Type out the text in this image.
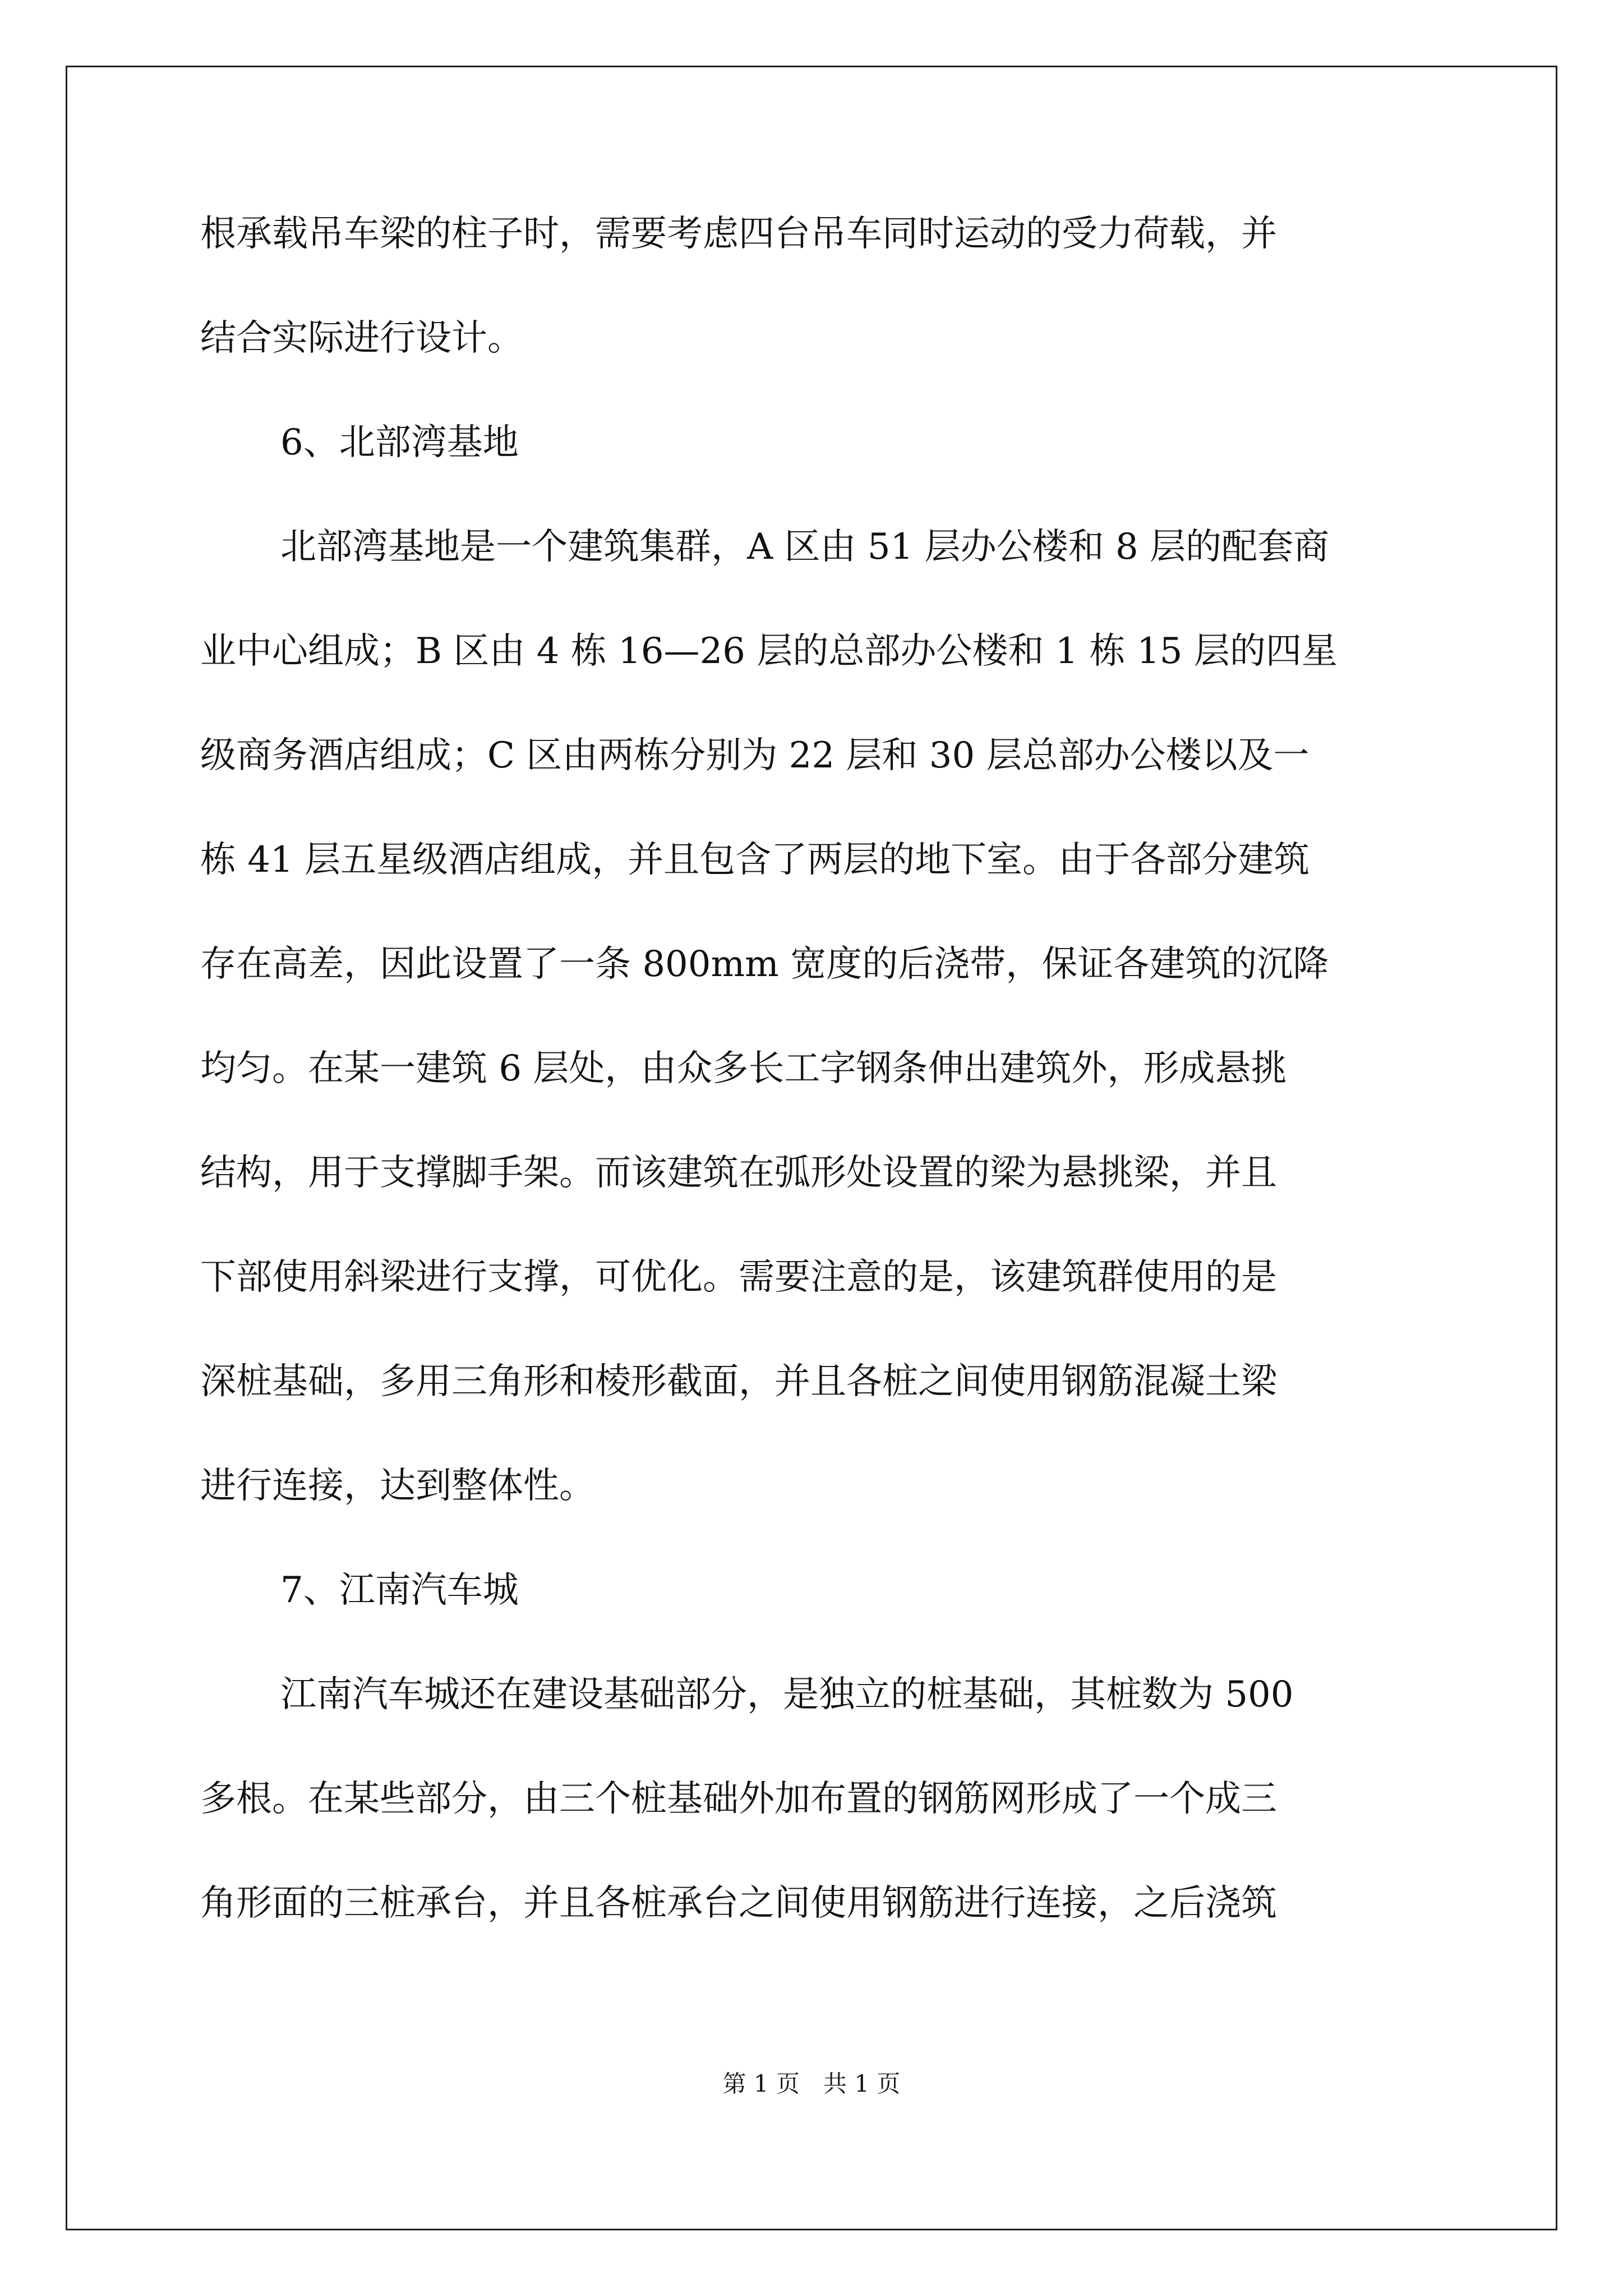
根承载吊车梁的柱子时，需要考虑四台吊车同时运动的受力荷载，并
结合实际进行设计。
6、北部湾基地
北部湾基地是一个建筑集群，A 区由 51 层办公楼和 8 层的配套商
业中心组成；B 区由 4 栋 16—26 层的总部办公楼和 1 栋 15 层的四星
级商务酒店组成；C 区由两栋分别为 22 层和 30 层总部办公楼以及一
栋 41 层五星级酒店组成，并且包含了两层的地下室。由于各部分建筑
存在高差，因此设置了一条 800mm 宽度的后浇带，保证各建筑的沉降
均匀。在某一建筑 6 层处，由众多长工字钢条伸出建筑外，形成悬挑
结构，用于支撑脚手架。而该建筑在弧形处设置的梁为悬挑梁，并且
下部使用斜梁进行支撑，可优化。需要注意的是，该建筑群使用的是
深桩基础，多用三角形和棱形截面，并且各桩之间使用钢筋混凝土梁
进行连接，达到整体性。
7、江南汽车城
江南汽车城还在建设基础部分，是独立的桩基础，其桩数为 500
多根。在某些部分，由三个桩基础外加布置的钢筋网形成了一个成三
角形面的三桩承台，并且各桩承台之间使用钢筋进行连接，之后浇筑
第 1 页　共 1 页
